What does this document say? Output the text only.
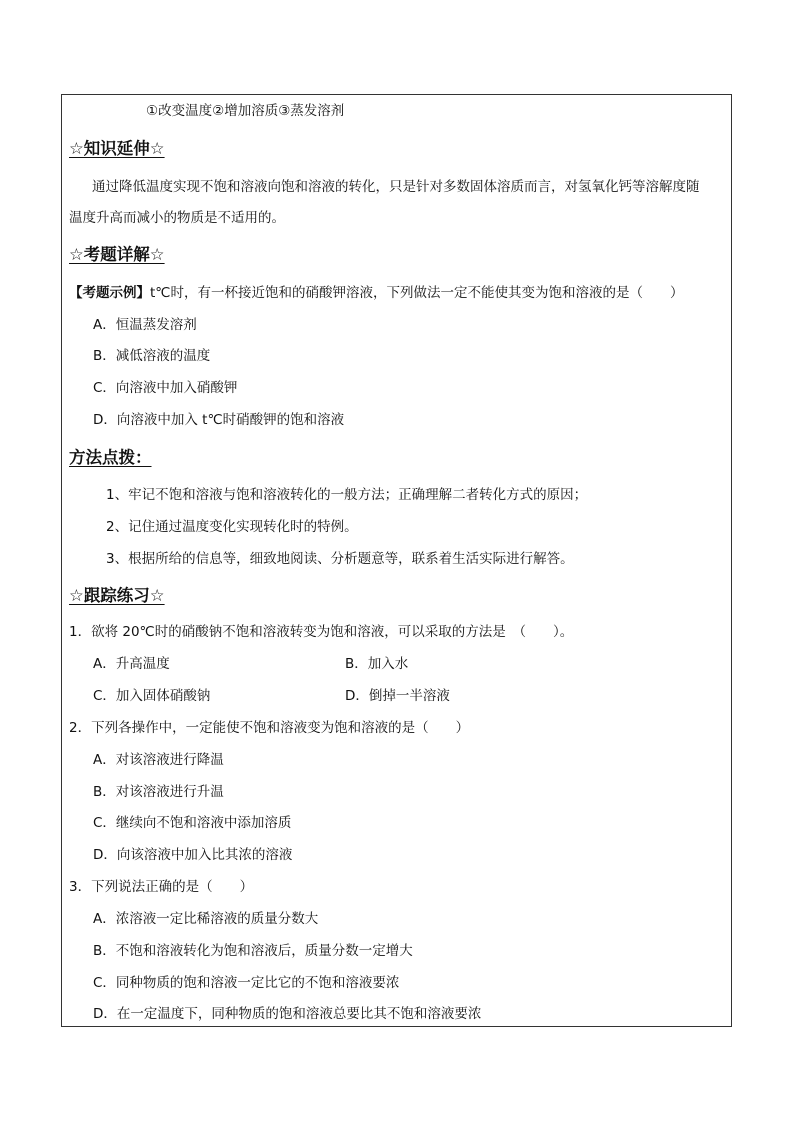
①改变温度②增加溶质③蒸发溶剂
☆知识延伸☆
通过降低温度实现不饱和溶液向饱和溶液的转化，只是针对多数固体溶质而言，对氢氧化钙等溶解度随
温度升高而减小的物质是不适用的。
☆考题详解☆
【考题示例】t℃时，有一杯接近饱和的硝酸钾溶液，下列做法一定不能使其变为饱和溶液的是（　　）
A．恒温蒸发溶剂
B．减低溶液的温度
C．向溶液中加入硝酸钾
D．向溶液中加入 t℃时硝酸钾的饱和溶液
方法点拨：
1、牢记不饱和溶液与饱和溶液转化的一般方法；正确理解二者转化方式的原因；
2、记住通过温度变化实现转化时的特例。
3、根据所给的信息等，细致地阅读、分析题意等，联系着生活实际进行解答。
☆跟踪练习☆
1．欲将 20℃时的硝酸钠不饱和溶液转变为饱和溶液，可以采取的方法是　（　　）。
A．升高温度	B．加入水
C．加入固体硝酸钠	D．倒掉一半溶液
2．下列各操作中，一定能使不饱和溶液变为饱和溶液的是（　　）
A．对该溶液进行降温
B．对该溶液进行升温
C．继续向不饱和溶液中添加溶质
D．向该溶液中加入比其浓的溶液
3．下列说法正确的是（　　）
A．浓溶液一定比稀溶液的质量分数大
B．不饱和溶液转化为饱和溶液后，质量分数一定增大
C．同种物质的饱和溶液一定比它的不饱和溶液要浓
D．在一定温度下，同种物质的饱和溶液总要比其不饱和溶液要浓
